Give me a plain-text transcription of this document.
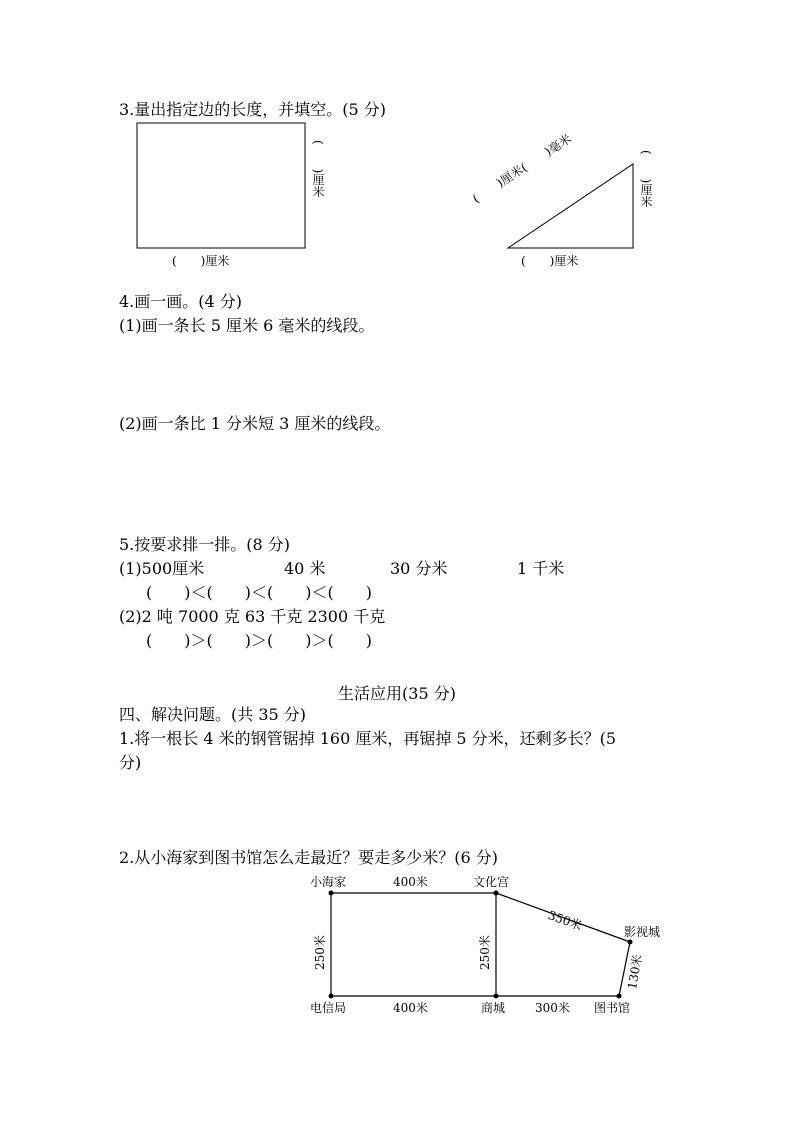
3.量出指定边的长度，并填空。(5 分)
(　　)厘米
(　　)厘米
(　　)厘米
(　　)厘米
(　　)厘米(　　)毫米
4.画一画。(4 分)
(1)画一条长 5 厘米 6 毫米的线段。
(2)画一条比 1 分米短 3 厘米的线段。
5.按要求排一排。(8 分)
(1)500厘米	40 米	30 分米	1 千米
(　　)＜(　　)＜(　　)＜(　　)
(2)2 吨 7000 克 63 千克 2300 千克
(　　)＞(　　)＞(　　)＞(　　)
生活应用(35 分)
四、解决问题。(共 35 分)
1.将一根长 4 米的钢管锯掉 160 厘米，再锯掉 5 分米，还剩多长？(5
分)
2.从小海家到图书馆怎么走最近？要走多少米？(6 分)
小海家	400米	文化宫
350米	影视城
250米	250米
130米
电信局	400米	商城 300米 图书馆
